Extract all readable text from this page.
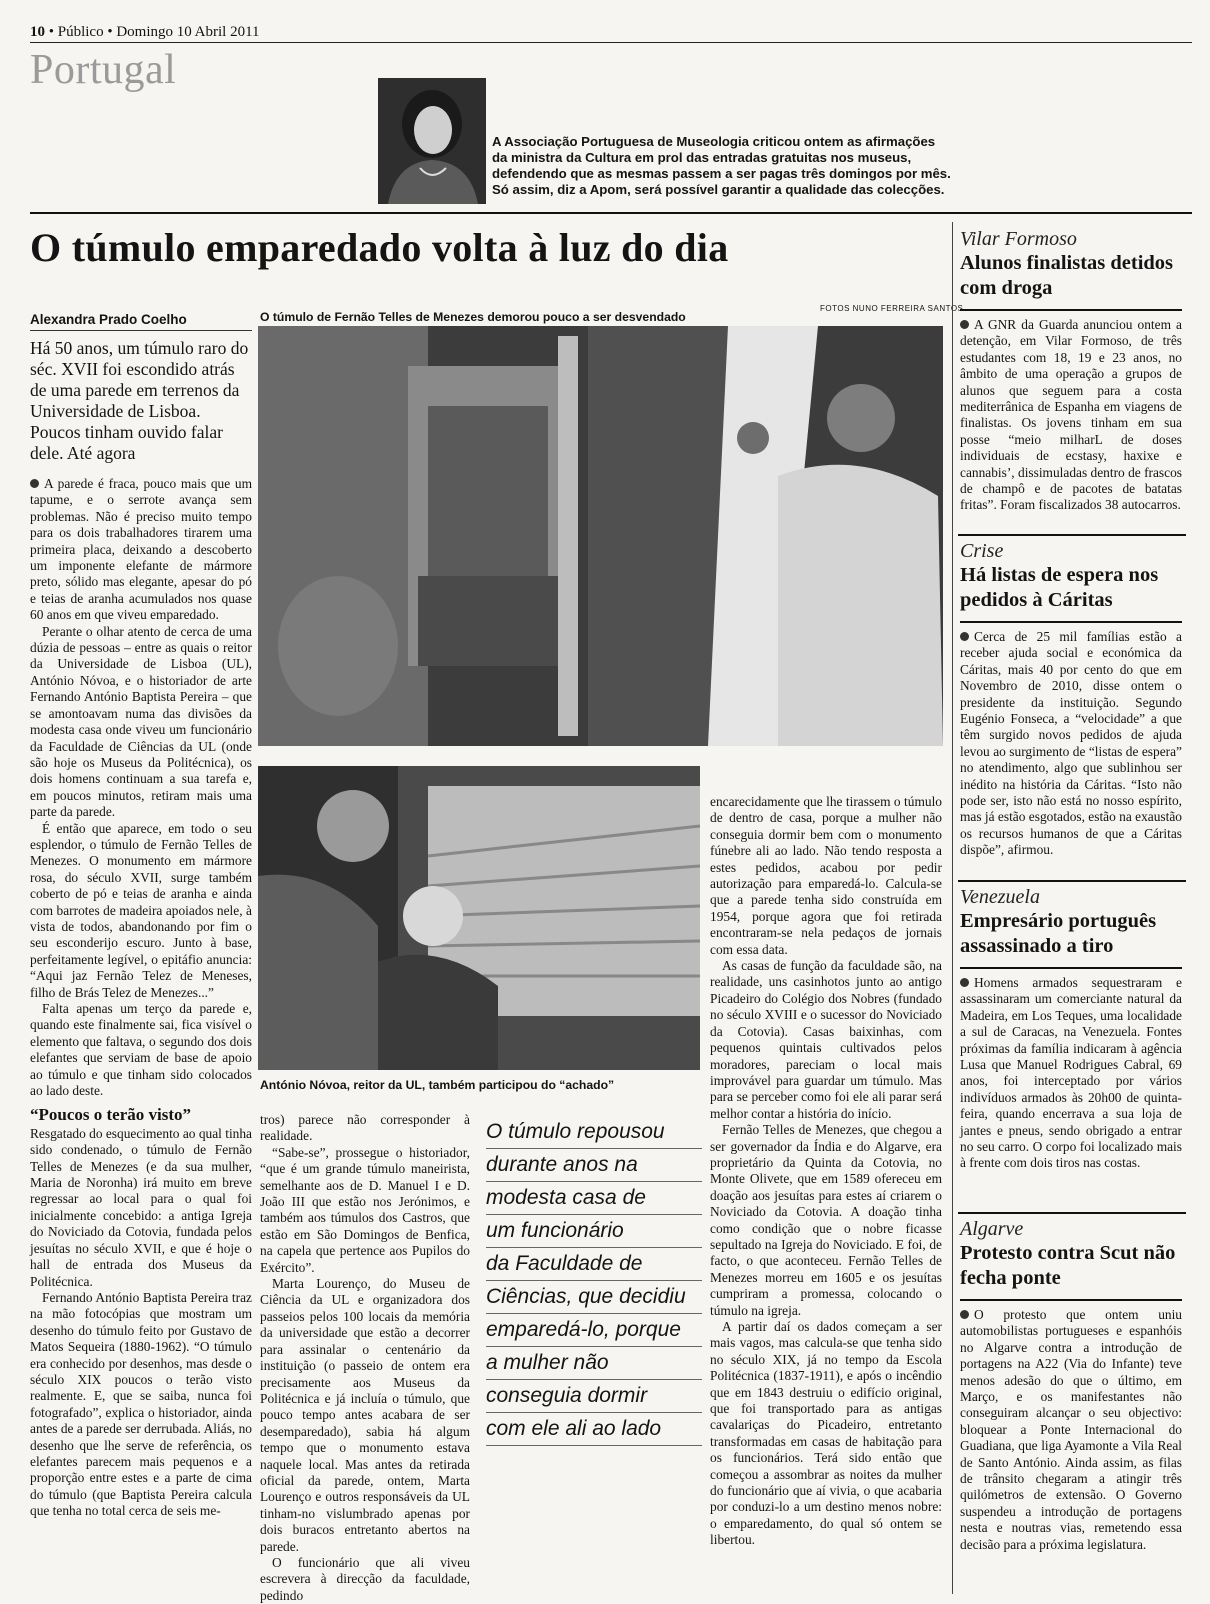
10 • Público • Domingo 10 Abril 2011
Portugal
A Associação Portuguesa de Museologia criticou ontem as afirmações da ministra da Cultura em prol das entradas gratuitas nos museus, defendendo que as mesmas passem a ser pagas três domingos por mês. Só assim, diz a Apom, será possível garantir a qualidade das colecções.
O túmulo emparedado volta à luz do dia
Alexandra Prado Coelho
Há 50 anos, um túmulo raro do séc. XVII foi escondido atrás de uma parede em terrenos da Universidade de Lisboa. Poucos tinham ouvido falar dele. Até agora
O túmulo de Fernão Telles de Menezes demorou pouco a ser desvendado
FOTOS NUNO FERREIRA SANTOS
António Nóvoa, reitor da UL, também participou do “achado”

A parede é fraca, pouco mais que um tapume, e o serrote avança sem problemas. Não é preciso muito tempo para os dois trabalhadores tirarem uma primeira placa, deixando a descoberto um imponente elefante de mármore preto, sólido mas elegante, apesar do pó e teias de aranha acumulados nos quase 60 anos em que viveu emparedado.

Perante o olhar atento de cerca de uma dúzia de pessoas – entre as quais o reitor da Universidade de Lisboa (UL), António Nóvoa, e o historiador de arte Fernando António Baptista Pereira – que se amontoavam numa das divisões da modesta casa onde viveu um funcionário da Faculdade de Ciências da UL (onde são hoje os Museus da Politécnica), os dois homens continuam a sua tarefa e, em poucos minutos, retiram mais uma parte da parede.

É então que aparece, em todo o seu esplendor, o túmulo de Fernão Telles de Menezes. O monumento em mármore rosa, do século XVII, surge também coberto de pó e teias de aranha e ainda com barrotes de madeira apoiados nele, à vista de todos, abandonando por fim o seu esconderijo escuro. Junto à base, perfeitamente legível, o epitáfio anuncia: “Aqui jaz Fernão Telez de Meneses, filho de Brás Telez de Menezes...”

Falta apenas um terço da parede e, quando este finalmente sai, fica visível o elemento que faltava, o segundo dos dois elefantes que serviam de base de apoio ao túmulo e que tinham sido colocados ao lado deste.

“Poucos o terão visto”

Resgatado do esquecimento ao qual tinha sido condenado, o túmulo de Fernão Telles de Menezes (e da sua mulher, Maria de Noronha) irá muito em breve regressar ao local para o qual foi inicialmente concebido: a antiga Igreja do Noviciado da Cotovia, fundada pelos jesuítas no século XVII, e que é hoje o hall de entrada dos Museus da Politécnica.

Fernando António Baptista Pereira traz na mão fotocópias que mostram um desenho do túmulo feito por Gustavo de Matos Sequeira (1880-1962). “O túmulo era conhecido por desenhos, mas desde o século XIX poucos o terão visto realmente. E, que se saiba, nunca foi fotografado”, explica o historiador, ainda antes de a parede ser derrubada. Aliás, no desenho que lhe serve de referência, os elefantes parecem mais pequenos e a proporção entre estes e a parte de cima do túmulo (que Baptista Pereira calcula que tenha no total cerca de seis me-

tros) parece não corresponder à realidade.

“Sabe-se”, prossegue o historiador, “que é um grande túmulo maneirista, semelhante aos de D. Manuel I e D. João III que estão nos Jerónimos, e também aos túmulos dos Castros, que estão em São Domingos de Benfica, na capela que pertence aos Pupilos do Exército”.

Marta Lourenço, do Museu de Ciência da UL e organizadora dos passeios pelos 100 locais da memória da universidade que estão a decorrer para assinalar o centenário da instituição (o passeio de ontem era precisamente aos Museus da Politécnica e já incluía o túmulo, que pouco tempo antes acabara de ser desemparedado), sabia há algum tempo que o monumento estava naquele local. Mas antes da retirada oficial da parede, ontem, Marta Lourenço e outros responsáveis da UL tinham-no vislumbrado apenas por dois buracos entretanto abertos na parede.

O funcionário que ali viveu escrevera à direcção da faculdade, pedindo

O túmulo repousou
durante anos na
modesta casa de
um funcionário
da Faculdade de
Ciências, que decidiu
emparedá-lo, porque
a mulher não
conseguia dormir
com ele ali ao lado

encarecidamente que lhe tirassem o túmulo de dentro de casa, porque a mulher não conseguia dormir bem com o monumento fúnebre ali ao lado. Não tendo resposta a estes pedidos, acabou por pedir autorização para emparedá-lo. Calcula-se que a parede tenha sido construída em 1954, porque agora que foi retirada encontraram-se nela pedaços de jornais com essa data.

As casas de função da faculdade são, na realidade, uns casinhotos junto ao antigo Picadeiro do Colégio dos Nobres (fundado no século XVIII e o sucessor do Noviciado da Cotovia). Casas baixinhas, com pequenos quintais cultivados pelos moradores, pareciam o local mais improvável para guardar um túmulo. Mas para se perceber como foi ele ali parar será melhor contar a história do início.

Fernão Telles de Menezes, que chegou a ser governador da Índia e do Algarve, era proprietário da Quinta da Cotovia, no Monte Olivete, que em 1589 ofereceu em doação aos jesuítas para estes aí criarem o Noviciado da Cotovia. A doação tinha como condição que o nobre ficasse sepultado na Igreja do Noviciado. E foi, de facto, o que aconteceu. Fernão Telles de Menezes morreu em 1605 e os jesuítas cumpriram a promessa, colocando o túmulo na igreja.

A partir daí os dados começam a ser mais vagos, mas calcula-se que tenha sido no século XIX, já no tempo da Escola Politécnica (1837-1911), e após o incêndio que em 1843 destruiu o edifício original, que foi transportado para as antigas cavalariças do Picadeiro, entretanto transformadas em casas de habitação para os funcionários. Terá sido então que começou a assombrar as noites da mulher do funcionário que aí vivia, o que acabaria por conduzi-lo a um destino menos nobre: o emparedamento, do qual só ontem se libertou.

Vilar Formoso
Alunos finalistas detidos com droga
A GNR da Guarda anunciou ontem a detenção, em Vilar Formoso, de três estudantes com 18, 19 e 23 anos, no âmbito de uma operação a grupos de alunos que seguem para a costa mediterrânica de Espanha em viagens de finalistas. Os jovens tinham em sua posse “meio milharL de doses individuais de ecstasy, haxixe e cannabis’, dissimuladas dentro de frascos de champô e de pacotes de batatas fritas”. Foram fiscalizados 38 autocarros.
Crise
Há listas de espera nos pedidos à Cáritas
Cerca de 25 mil famílias estão a receber ajuda social e económica da Cáritas, mais 40 por cento do que em Novembro de 2010, disse ontem o presidente da instituição. Segundo Eugénio Fonseca, a “velocidade” a que têm surgido novos pedidos de ajuda levou ao surgimento de “listas de espera” no atendimento, algo que sublinhou ser inédito na história da Cáritas. “Isto não pode ser, isto não está no nosso espírito, mas já estão esgotados, estão na exaustão os recursos humanos de que a Cáritas dispõe”, afirmou.
Venezuela
Empresário português assassinado a tiro
Homens armados sequestraram e assassinaram um comerciante natural da Madeira, em Los Teques, uma localidade a sul de Caracas, na Venezuela. Fontes próximas da família indicaram à agência Lusa que Manuel Rodrigues Cabral, 69 anos, foi interceptado por vários indivíduos armados às 20h00 de quinta-feira, quando encerrava a sua loja de jantes e pneus, sendo obrigado a entrar no seu carro. O corpo foi localizado mais à frente com dois tiros nas costas.
Algarve
Protesto contra Scut não fecha ponte
O protesto que ontem uniu automobilistas portugueses e espanhóis no Algarve contra a introdução de portagens na A22 (Via do Infante) teve menos adesão do que o último, em Março, e os manifestantes não conseguiram alcançar o seu objectivo: bloquear a Ponte Internacional do Guadiana, que liga Ayamonte a Vila Real de Santo António. Ainda assim, as filas de trânsito chegaram a atingir três quilómetros de extensão. O Governo suspendeu a introdução de portagens nesta e noutras vias, remetendo essa decisão para a próxima legislatura.
